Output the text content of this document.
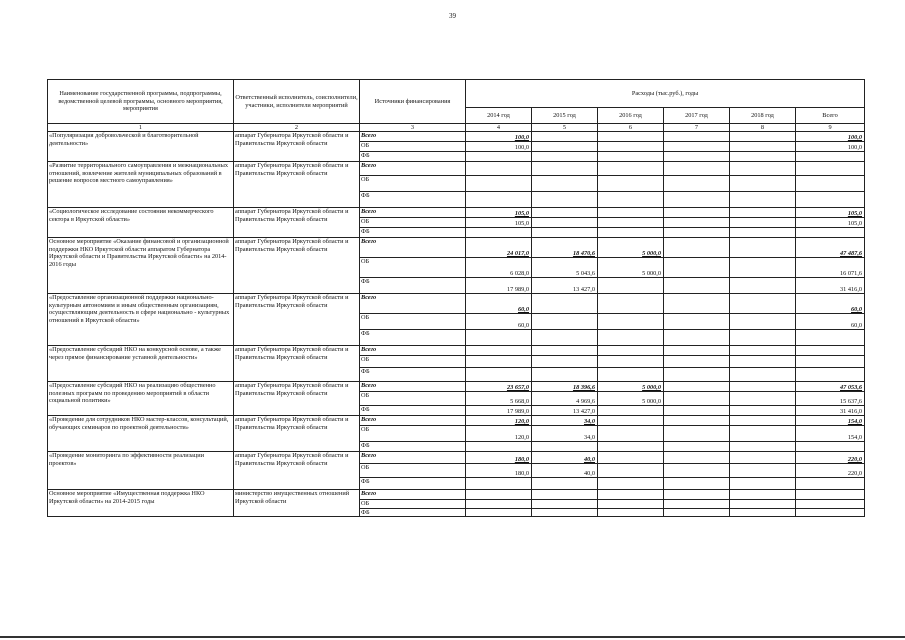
39
Наименование государственной программы, подпрограммы, ведомственной целевой программы, основного мероприятия, мероприятия	Ответственный исполнитель, соисполнители, участники, исполнители мероприятий	Источники финансирования	Расходы (тыс.руб.), годы					
			2014 год	2015 год	2016 год	2017 год	2018 год	Всего
1	2	3	4	5	6	7	8	9
«Популяризация добровольческой и благотворительной деятельности»	аппарат Губернатора Иркутской области и Правительства Иркутской области	Всего	100,0					100,0
		ОБ	100,0					100,0
		ФБ						
«Развитие территориального самоуправления и межнациональных отношений, вовлечение жителей муниципальных образований в решение вопросов местного самоуправления»	аппарат Губернатора Иркутской области и Правительства Иркутской области	Всего						
		ОБ						
		ФБ						
«Социологическое исследование состояния некоммерческого сектора в Иркутской области»	аппарат Губернатора Иркутской области и Правительства Иркутской области	Всего	105,0					105,0
		ОБ	105,0					105,0
		ФБ						
Основное мероприятие «Оказание финансовой и организационной поддержки НКО Иркутской области аппаратом Губернатора Иркутской области и Правительства Иркутской области» на 2014-2016 годы	аппарат Губернатора Иркутской области и Правительства Иркутской области	Всего	24 017,0	18 470,6	5 000,0			47 487,6
		ОБ	6 028,0	5 043,6	5 000,0			16 071,6
		ФБ	17 989,0	13 427,0				31 416,0
«Предоставление организационной поддержки национально-культурным автономиям и иным общественным организациям, осуществляющим деятельность в сфере национально - культурных отношений в Иркутской области»	аппарат Губернатора Иркутской области и Правительства Иркутской области	Всего	60,0					60,0
		ОБ	60,0					60,0
		ФБ						
«Предоставление субсидий НКО на конкурсной основе, а также через прямое финансирование уставной деятельности»	аппарат Губернатора Иркутской области и Правительства Иркутской области	Всего						
		ОБ						
		ФБ						
«Предоставление субсидий НКО на реализацию общественно полезных программ по проведению мероприятий в области социальной политики»	аппарат Губернатора Иркутской области и Правительства Иркутской области	Всего	23 657,0	18 396,6	5 000,0			47 053,6
		ОБ	5 668,0	4 969,6	5 000,0			15 637,6
		ФБ	17 989,0	13 427,0				31 416,0
«Проведение для сотрудников НКО мастер-классов, консультаций, обучающих семинаров по проектной деятельности»	аппарат Губернатора Иркутской области и Правительства Иркутской области	Всего	120,0	34,0				154,0
		ОБ	120,0	34,0				154,0
		ФБ						
«Проведение мониторинга по эффективности реализации проектов»	аппарат Губернатора Иркутской области и Правительства Иркутской области	Всего	180,0	40,0				220,0
		ОБ	180,0	40,0				220,0
		ФБ						
Основное мероприятие «Имущественная поддержка НКО Иркутской области» на 2014-2015 годы	министерство имущественных отношений Иркутской области	Всего						
		ОБ						
		ФБ						
